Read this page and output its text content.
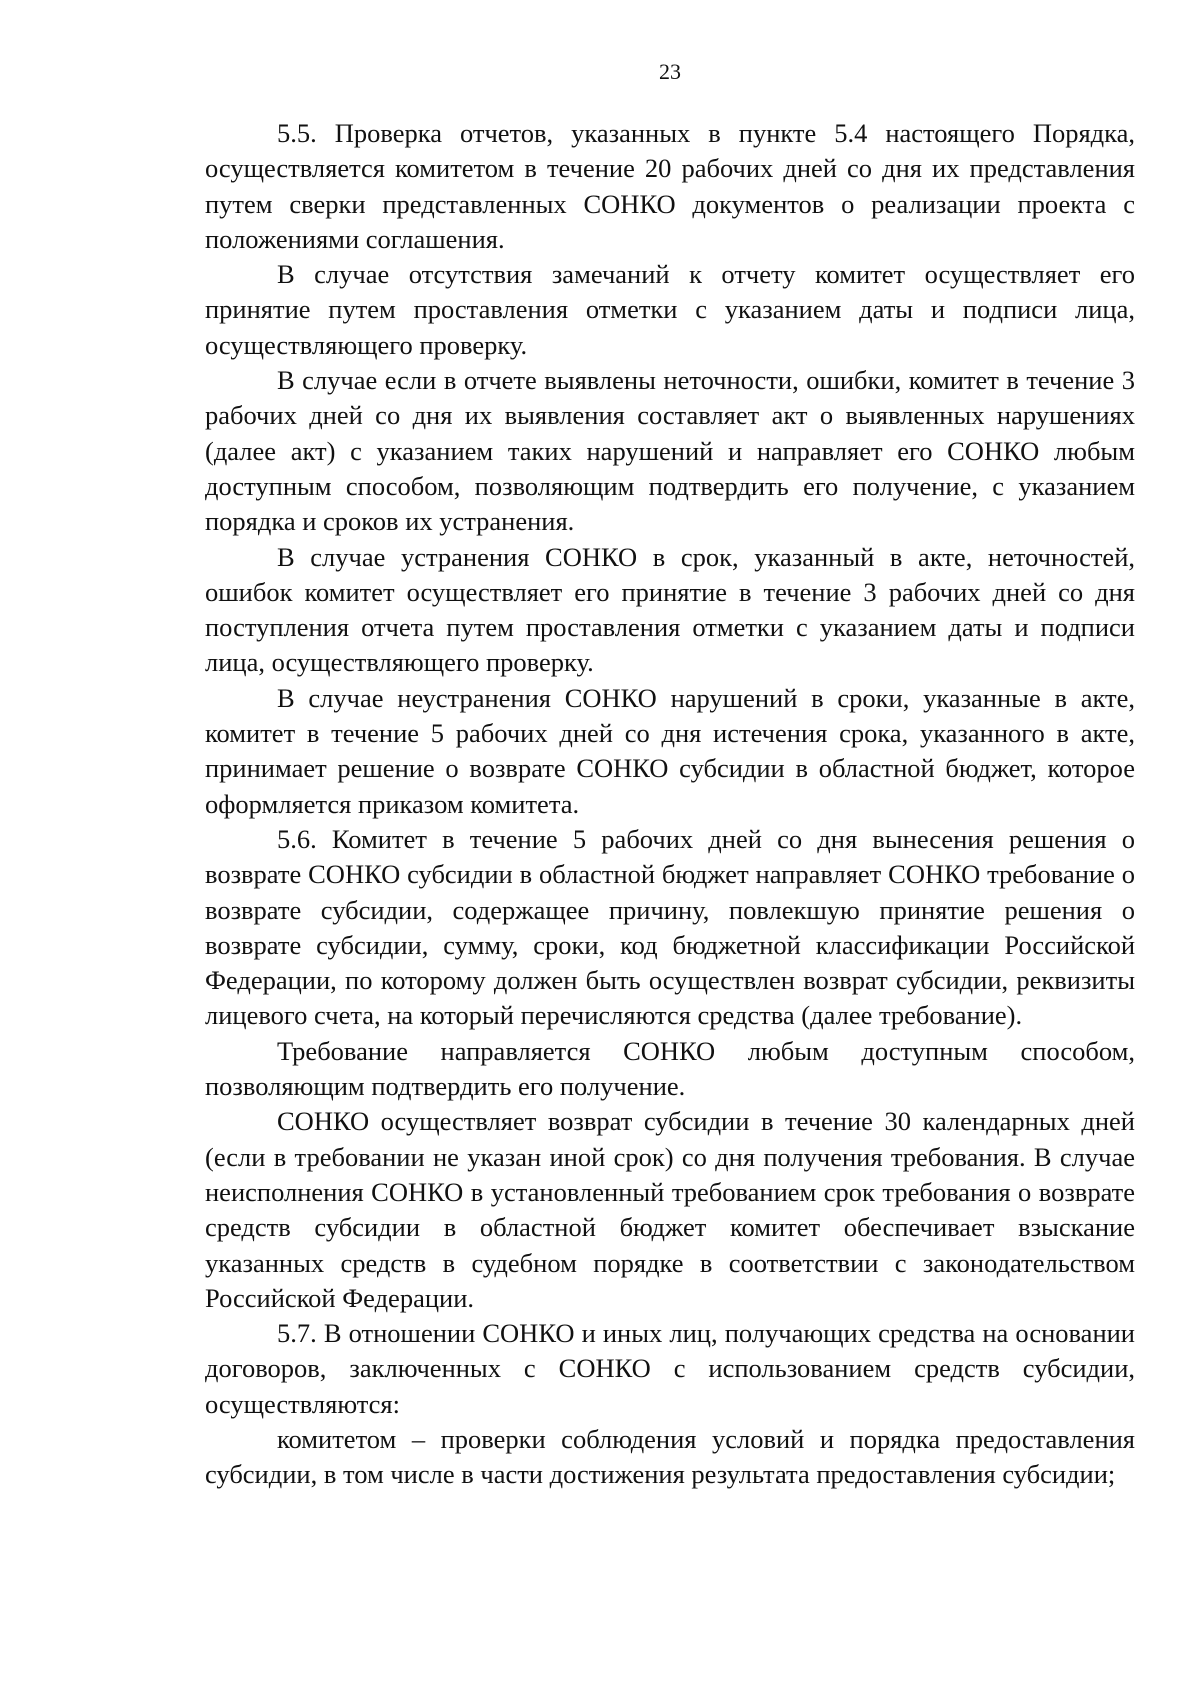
23

5.5. Проверка отчетов, указанных в пункте 5.4 настоящего Порядка, осуществляется комитетом в течение 20 рабочих дней со дня их представления путем сверки представленных СОНКО документов о реализации проекта с положениями соглашения.

В случае отсутствия замечаний к отчету комитет осуществляет его принятие путем проставления отметки с указанием даты и подписи лица, осуществляющего проверку.

В случае если в отчете выявлены неточности, ошибки, комитет в течение 3 рабочих дней со дня их выявления составляет акт о выявленных нарушениях (далее акт) с указанием таких нарушений и направляет его СОНКО любым доступным способом, позволяющим подтвердить его получение, с указанием порядка и сроков их устранения.

В случае устранения СОНКО в срок, указанный в акте, неточностей, ошибок комитет осуществляет его принятие в течение 3 рабочих дней со дня поступления отчета путем проставления отметки с указанием даты и подписи лица, осуществляющего проверку.

В случае неустранения СОНКО нарушений в сроки, указанные в акте, комитет в течение 5 рабочих дней со дня истечения срока, указанного в акте, принимает решение о возврате СОНКО субсидии в областной бюджет, которое оформляется приказом комитета.

5.6. Комитет в течение 5 рабочих дней со дня вынесения решения о возврате СОНКО субсидии в областной бюджет направляет СОНКО требование о возврате субсидии, содержащее причину, повлекшую принятие решения о возврате субсидии, сумму, сроки, код бюджетной классификации Российской Федерации, по которому должен быть осуществлен возврат субсидии, реквизиты лицевого счета, на который перечисляются средства (далее требование).

Требование направляется СОНКО любым доступным способом, позволяющим подтвердить его получение.

СОНКО осуществляет возврат субсидии в течение 30 календарных дней (если в требовании не указан иной срок) со дня получения требования. В случае неисполнения СОНКО в установленный требованием срок требования о возврате средств субсидии в областной бюджет комитет обеспечивает взыскание указанных средств в судебном порядке в соответствии с законодательством Российской Федерации.

5.7. В отношении СОНКО и иных лиц, получающих средства на основании договоров, заключенных с СОНКО с использованием средств субсидии, осуществляются:

комитетом – проверки соблюдения условий и порядка предоставления субсидии, в том числе в части достижения результата предоставления субсидии;
